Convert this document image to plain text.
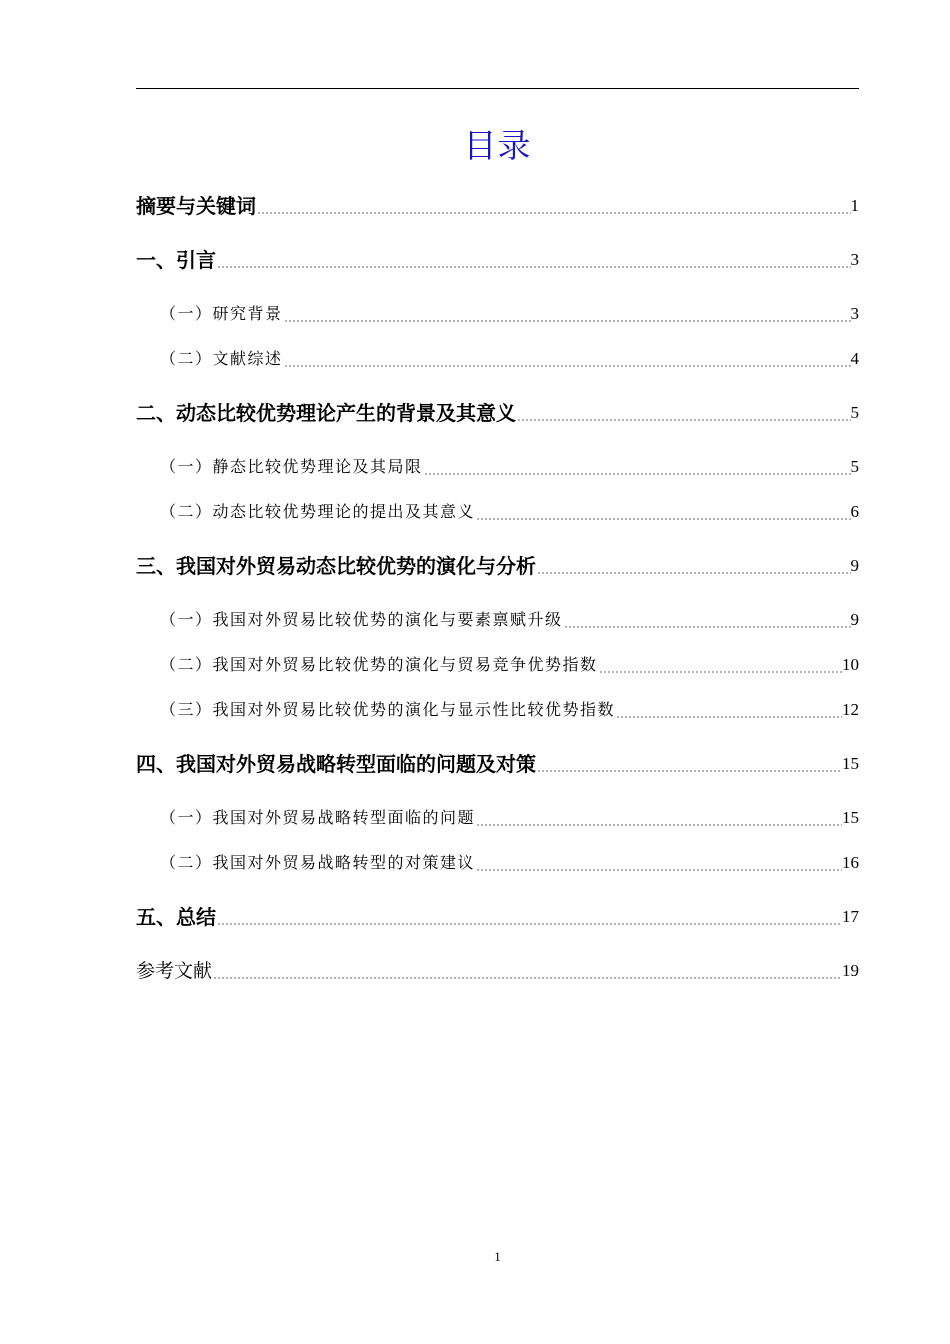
目录
摘要与关键词	1
一、引言	3
（一）研究背景	3
（二）文献综述	4
二、动态比较优势理论产生的背景及其意义	5
（一）静态比较优势理论及其局限	5
（二）动态比较优势理论的提出及其意义	6
三、我国对外贸易动态比较优势的演化与分析	9
（一）我国对外贸易比较优势的演化与要素禀赋升级	9
（二）我国对外贸易比较优势的演化与贸易竞争优势指数	10
（三）我国对外贸易比较优势的演化与显示性比较优势指数	12
四、我国对外贸易战略转型面临的问题及对策	15
（一）我国对外贸易战略转型面临的问题	15
（二）我国对外贸易战略转型的对策建议	16
五、总结	17
参考文献	19
1
